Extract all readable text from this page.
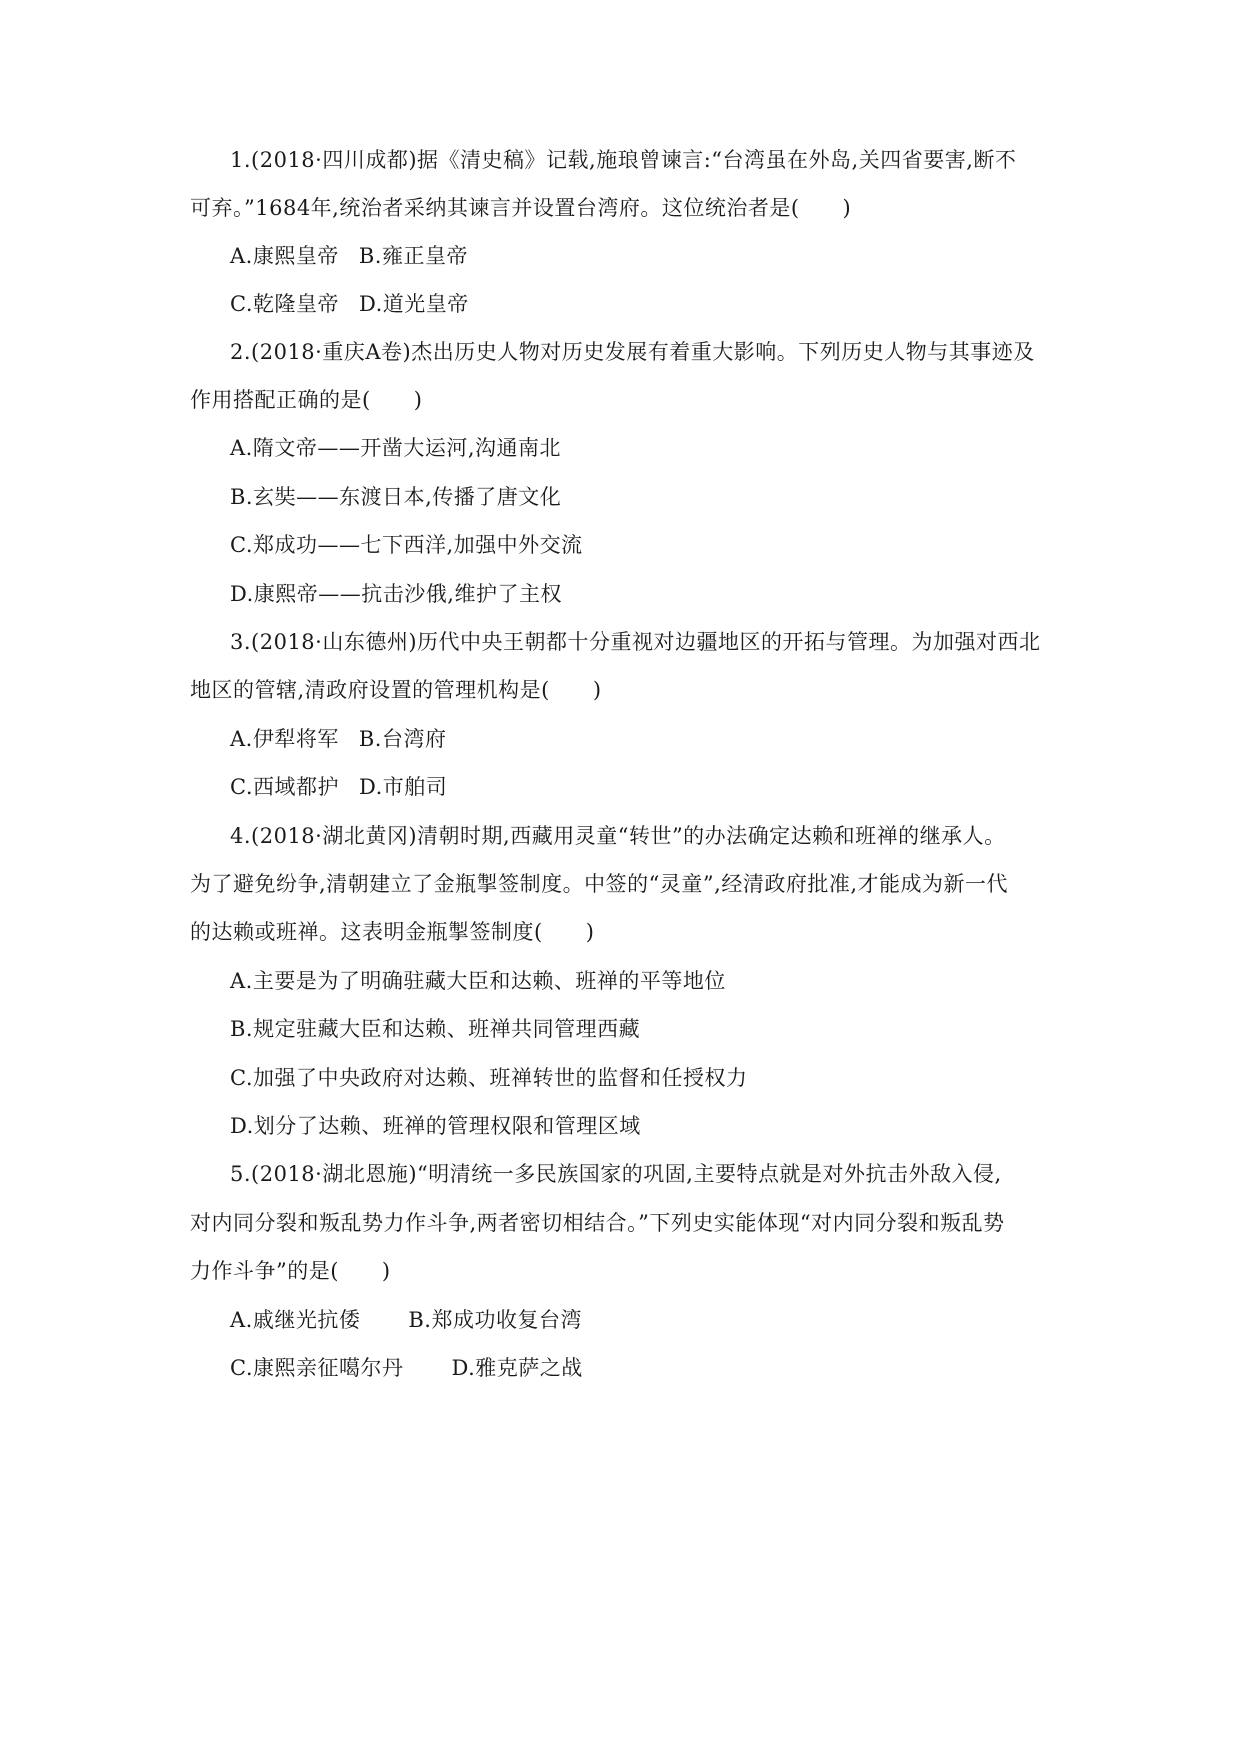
1.(2018·四川成都)据《清史稿》记载,施琅曾谏言:“台湾虽在外岛,关四省要害,断不
可弃。”1684年,统治者采纳其谏言并设置台湾府。这位统治者是(　　)
A.康熙皇帝 B.雍正皇帝
C.乾隆皇帝 D.道光皇帝
2.(2018·重庆A卷)杰出历史人物对历史发展有着重大影响。下列历史人物与其事迹及
作用搭配正确的是(　　)
A.隋文帝——开凿大运河,沟通南北
B.玄奘——东渡日本,传播了唐文化
C.郑成功——七下西洋,加强中外交流
D.康熙帝——抗击沙俄,维护了主权
3.(2018·山东德州)历代中央王朝都十分重视对边疆地区的开拓与管理。为加强对西北
地区的管辖,清政府设置的管理机构是(　　)
A.伊犁将军 B.台湾府
C.西域都护 D.市舶司
4.(2018·湖北黄冈)清朝时期,西藏用灵童“转世”的办法确定达赖和班禅的继承人。
为了避免纷争,清朝建立了金瓶掣签制度。中签的“灵童”,经清政府批准,才能成为新一代
的达赖或班禅。这表明金瓶掣签制度(　　)
A.主要是为了明确驻藏大臣和达赖、班禅的平等地位
B.规定驻藏大臣和达赖、班禅共同管理西藏
C.加强了中央政府对达赖、班禅转世的监督和任授权力
D.划分了达赖、班禅的管理权限和管理区域
5.(2018·湖北恩施)“明清统一多民族国家的巩固,主要特点就是对外抗击外敌入侵,
对内同分裂和叛乱势力作斗争,两者密切相结合。”下列史实能体现“对内同分裂和叛乱势
力作斗争”的是(　　)
A.戚继光抗倭 B.郑成功收复台湾
C.康熙亲征噶尔丹 D.雅克萨之战
